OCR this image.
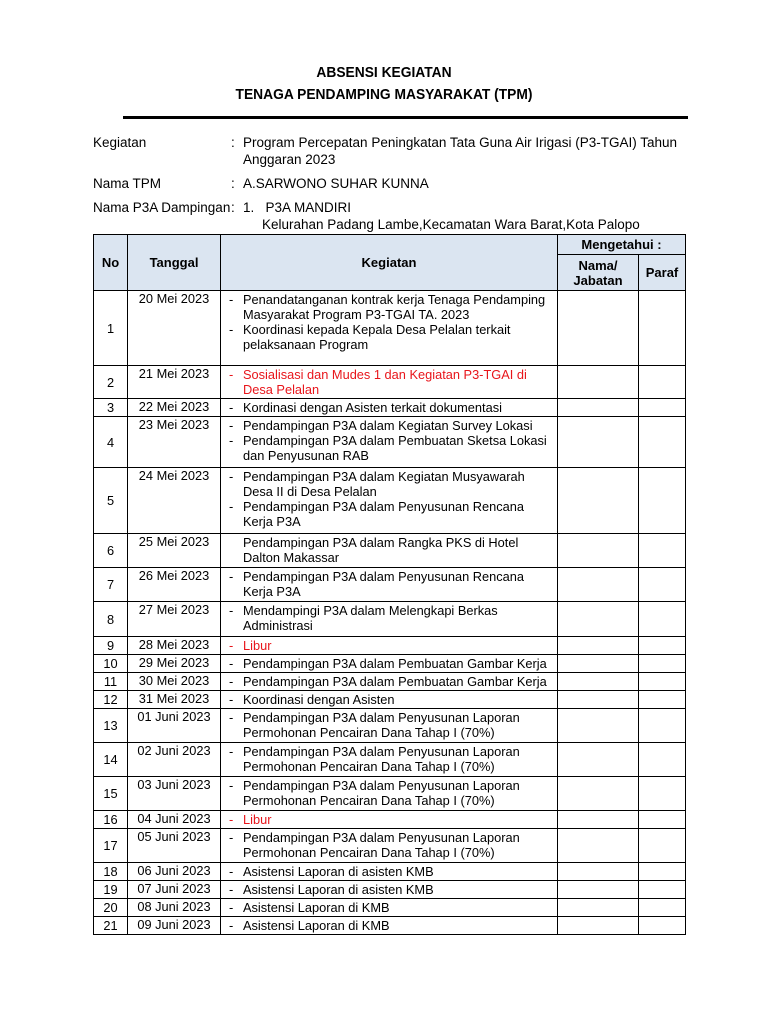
ABSENSI KEGIATAN
TENAGA PENDAMPING MASYARAKAT (TPM)
Kegiatan	: Program Percepatan Peningkatan Tata Guna Air Irigasi (P3-TGAI) Tahun
Anggaran 2023
Nama TPM	: A.SARWONO SUHAR KUNNA
Nama P3A Dampingan : 1.   P3A MANDIRI
Kelurahan Padang Lambe,Kecamatan Wara Barat,Kota Palopo
No	Tanggal	Kegiatan	Mengetahui :	
			Nama/ Jabatan	Paraf
1	20 Mei 2023	- Penandatanganan kontrak kerja Tenaga Pendamping Masyarakat Program P3-TGAI TA. 2023
- Koordinasi kepada Kepala Desa Pelalan terkait pelaksanaan Program		

2	21 Mei 2023	- Sosialisasi dan Mudes 1 dan Kegiatan P3-TGAI di Desa Pelalan		

3	22 Mei 2023	- Kordinasi dengan Asisten terkait dokumentasi		

4	23 Mei 2023	- Pendampingan P3A dalam Kegiatan Survey Lokasi
- Pendampingan P3A dalam Pembuatan Sketsa Lokasi dan Penyusunan RAB		

5	24 Mei 2023	- Pendampingan P3A dalam Kegiatan Musyawarah Desa II di Desa Pelalan
- Pendampingan P3A dalam Penyusunan Rencana Kerja P3A		

6	25 Mei 2023	Pendampingan P3A dalam Rangka PKS di Hotel Dalton Makassar		

7	26 Mei 2023	- Pendampingan P3A dalam Penyusunan Rencana Kerja P3A		

8	27 Mei 2023	- Mendampingi P3A dalam Melengkapi Berkas Administrasi		

9	28 Mei 2023	- Libur		

10	29 Mei 2023	- Pendampingan P3A dalam Pembuatan Gambar Kerja		

11	30 Mei 2023	- Pendampingan P3A dalam Pembuatan Gambar Kerja		

12	31 Mei 2023	- Koordinasi dengan Asisten		

13	01 Juni 2023	- Pendampingan P3A dalam Penyusunan Laporan Permohonan Pencairan Dana Tahap I (70%)		

14	02 Juni 2023	- Pendampingan P3A dalam Penyusunan Laporan Permohonan Pencairan Dana Tahap I (70%)		

15	03 Juni 2023	- Pendampingan P3A dalam Penyusunan Laporan Permohonan Pencairan Dana Tahap I (70%)		

16	04 Juni 2023	- Libur		

17	05 Juni 2023	- Pendampingan P3A dalam Penyusunan Laporan Permohonan Pencairan Dana Tahap I (70%)		

18	06 Juni 2023	- Asistensi Laporan di asisten KMB		

19	07 Juni 2023	- Asistensi Laporan di asisten KMB		

20	08 Juni 2023	- Asistensi Laporan di KMB		

21	09 Juni 2023	- Asistensi Laporan di KMB		
